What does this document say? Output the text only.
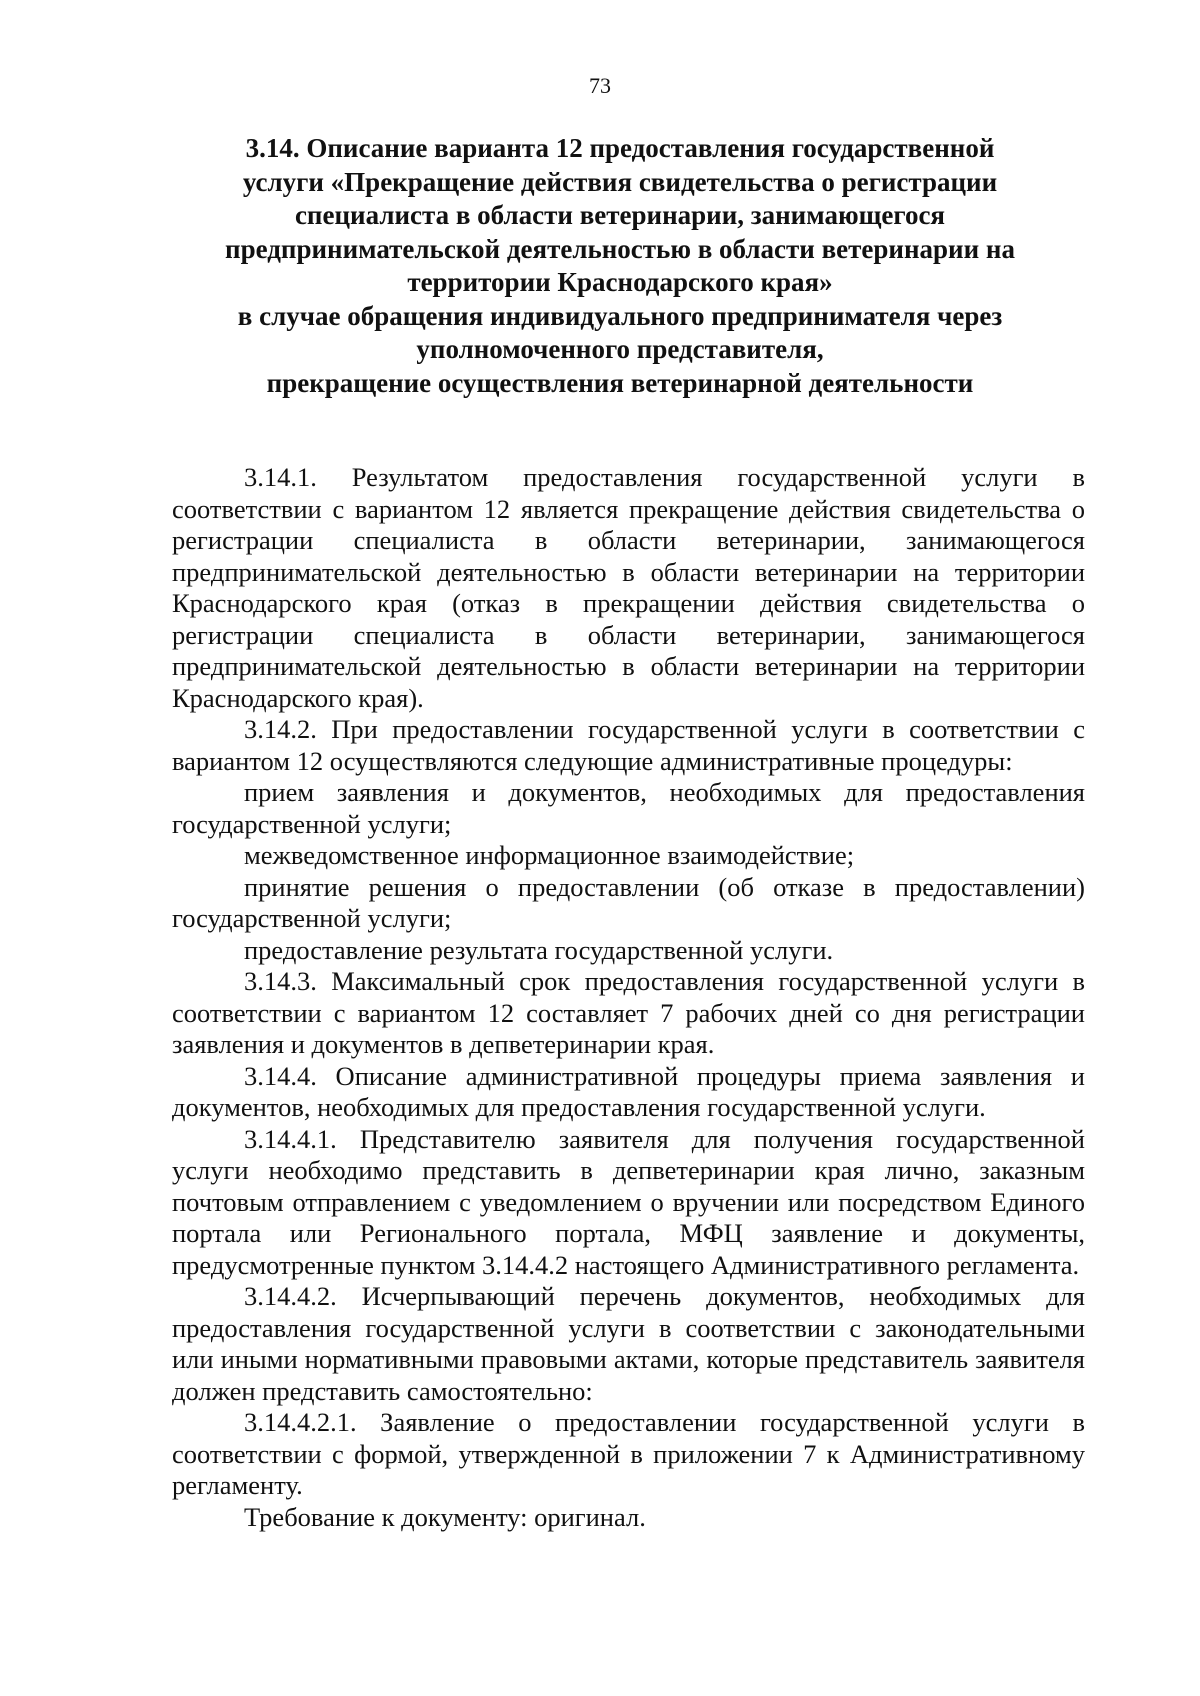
73
3.14. Описание варианта 12 предоставления государственной
услуги «Прекращение действия свидетельства о регистрации
специалиста в области ветеринарии, занимающегося
предпринимательской деятельностью в области ветеринарии на
территории Краснодарского края»
в случае обращения индивидуального предпринимателя через
уполномоченного представителя,
прекращение осуществления ветеринарной деятельности

3.14.1. Результатом предоставления государственной услуги в соответствии с вариантом 12 является прекращение действия свидетельства о регистрации специалиста в области ветеринарии, занимающегося предпринимательской деятельностью в области ветеринарии на территории Краснодарского края (отказ в прекращении действия свидетельства о регистрации специалиста в области ветеринарии, занимающегося предпринимательской деятельностью в области ветеринарии на территории Краснодарского края).

3.14.2. При предоставлении государственной услуги в соответствии с вариантом 12 осуществляются следующие административные процедуры:

прием заявления и документов, необходимых для предоставления государственной услуги;

межведомственное информационное взаимодействие;

принятие решения о предоставлении (об отказе в предоставлении) государственной услуги;

предоставление результата государственной услуги.

3.14.3. Максимальный срок предоставления государственной услуги в соответствии с вариантом 12 составляет 7 рабочих дней со дня регистрации заявления и документов в депветеринарии края.

3.14.4. Описание административной процедуры приема заявления и документов, необходимых для предоставления государственной услуги.

3.14.4.1. Представителю заявителя для получения государственной услуги необходимо представить в депветеринарии края лично, заказным почтовым отправлением с уведомлением о вручении или посредством Единого портала или Регионального портала, МФЦ заявление и документы, предусмотренные пунктом 3.14.4.2 настоящего Административного регламента.

3.14.4.2. Исчерпывающий перечень документов, необходимых для предоставления государственной услуги в соответствии с законодательными или иными нормативными правовыми актами, которые представитель заявителя должен представить самостоятельно:

3.14.4.2.1. Заявление о предоставлении государственной услуги в соответствии с формой, утвержденной в приложении 7 к Административному регламенту.

Требование к документу: оригинал.
